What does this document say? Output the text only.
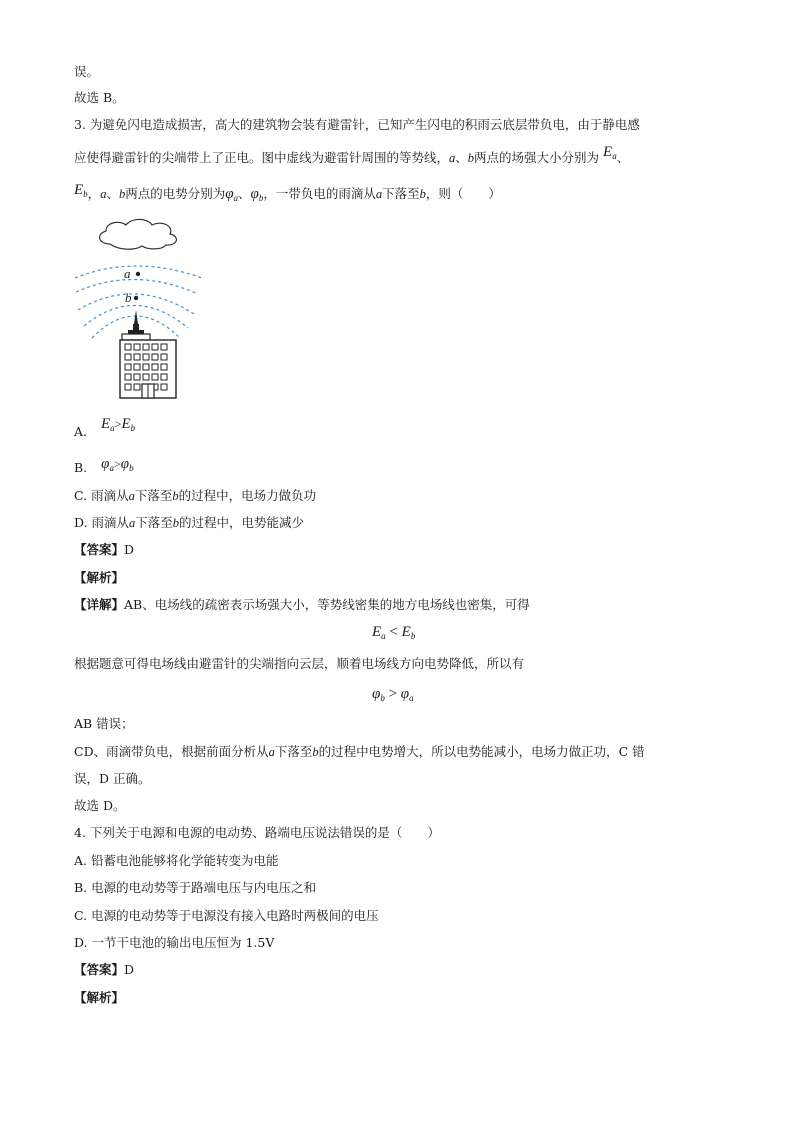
误。
故选 B。
3. 为避免闪电造成损害，高大的建筑物会装有避雷针，已知产生闪电的积雨云底层带负电，由于静电感
应使得避雷针的尖端带上了正电。图中虚线为避雷针周围的等势线，a、b两点的场强大小分别为 $E_a$、
$E_b$，a、b两点的电势分别为$\varphi_a$、$\varphi_b$，一带负电的雨滴从a下落至b，则（　　）
a
b
A. $E_a>E_b$
B. $\varphi_a>\varphi_b$
C. 雨滴从a下落至b的过程中，电场力做负功
D. 雨滴从a下落至b的过程中，电势能减少
【答案】D
【解析】
【详解】AB、电场线的疏密表示场强大小，等势线密集的地方电场线也密集，可得
$E_a < E_b$
根据题意可得电场线由避雷针的尖端指向云层，顺着电场线方向电势降低，所以有
$\varphi_b > \varphi_a$
AB 错误；
CD、雨滴带负电，根据前面分析从a下落至b的过程中电势增大，所以电势能减小，电场力做正功，C 错
误，D 正确。
故选 D。
4. 下列关于电源和电源的电动势、路端电压说法错误的是（　　）
A. 铅蓄电池能够将化学能转变为电能
B. 电源的电动势等于路端电压与内电压之和
C. 电源的电动势等于电源没有接入电路时两极间的电压
D. 一节干电池的输出电压恒为 1.5V
【答案】D
【解析】
